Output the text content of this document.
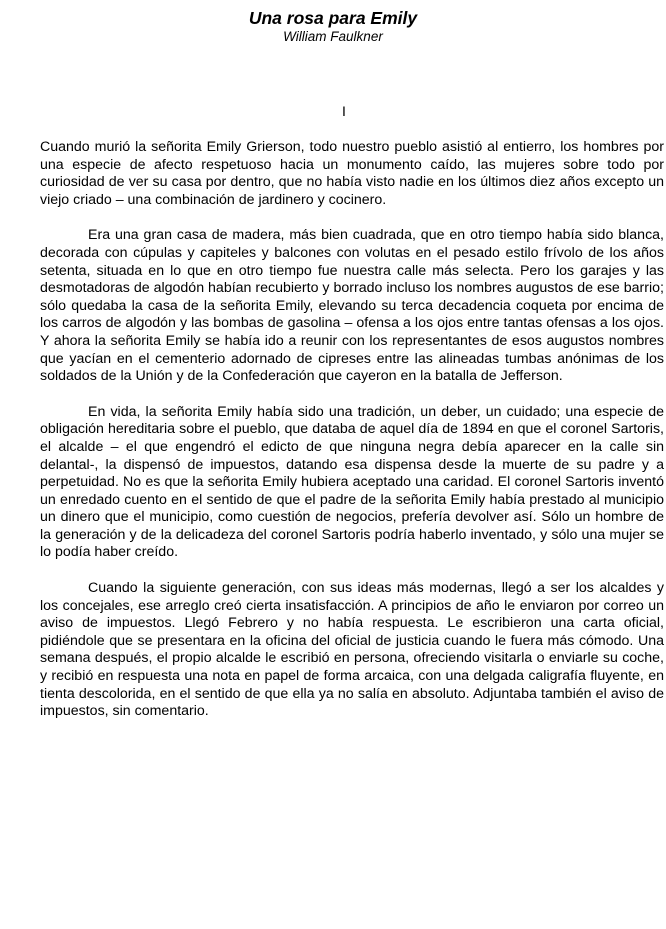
Una rosa para Emily
William Faulkner
I

Cuando murió la señorita Emily Grierson, todo nuestro pueblo asistió al entierro, los hombres por una especie de afecto respetuoso hacia un monumento caído, las mujeres sobre todo por curiosidad de ver su casa por dentro, que no había visto nadie en los últimos diez años excepto un viejo criado – una combinación de jardinero y cocinero.

Era una gran casa de madera, más bien cuadrada, que en otro tiempo había sido blanca, decorada con cúpulas y capiteles y balcones con volutas en el pesado estilo frívolo de los años setenta, situada en lo que en otro tiempo fue nuestra calle más selecta. Pero los garajes y las desmotadoras de algodón habían recubierto y borrado incluso los nombres augustos de ese barrio; sólo quedaba la casa de la señorita Emily, elevando su terca decadencia coqueta por encima de los carros de algodón y las bombas de gasolina – ofensa a los ojos entre tantas ofensas a los ojos. Y ahora la señorita Emily se había ido a reunir con los representantes de esos augustos nombres que yacían en el cementerio adornado de cipreses entre las alineadas tumbas anónimas de los soldados de la Unión y de la Confederación que cayeron en la batalla de Jefferson.

En vida, la señorita Emily había sido una tradición, un deber, un cuidado; una especie de obligación hereditaria sobre el pueblo, que databa de aquel día de 1894 en que el coronel Sartoris, el alcalde – el que engendró el edicto de que ninguna negra debía aparecer en la calle sin delantal-, la dispensó de impuestos, datando esa dispensa desde la muerte de su padre y a perpetuidad. No es que la señorita Emily hubiera aceptado una caridad. El coronel Sartoris inventó un enredado cuento en el sentido de que el padre de la señorita Emily había prestado al municipio un dinero que el municipio, como cuestión de negocios, prefería devolver así. Sólo un hombre de la generación y de la delicadeza del coronel Sartoris podría haberlo inventado, y sólo una mujer se lo podía haber creído.

Cuando la siguiente generación, con sus ideas más modernas, llegó a ser los alcaldes y los concejales, ese arreglo creó cierta insatisfacción. A principios de año le enviaron por correo un aviso de impuestos. Llegó Febrero y no había respuesta. Le escribieron una carta oficial, pidiéndole que se presentara en la oficina del oficial de justicia cuando le fuera más cómodo. Una semana después, el propio alcalde le escribió en persona, ofreciendo visitarla o enviarle su coche, y recibió en respuesta una nota en papel de forma arcaica, con una delgada caligrafía fluyente, en tienta descolorida, en el sentido de que ella ya no salía en absoluto. Adjuntaba también el aviso de impuestos, sin comentario.
